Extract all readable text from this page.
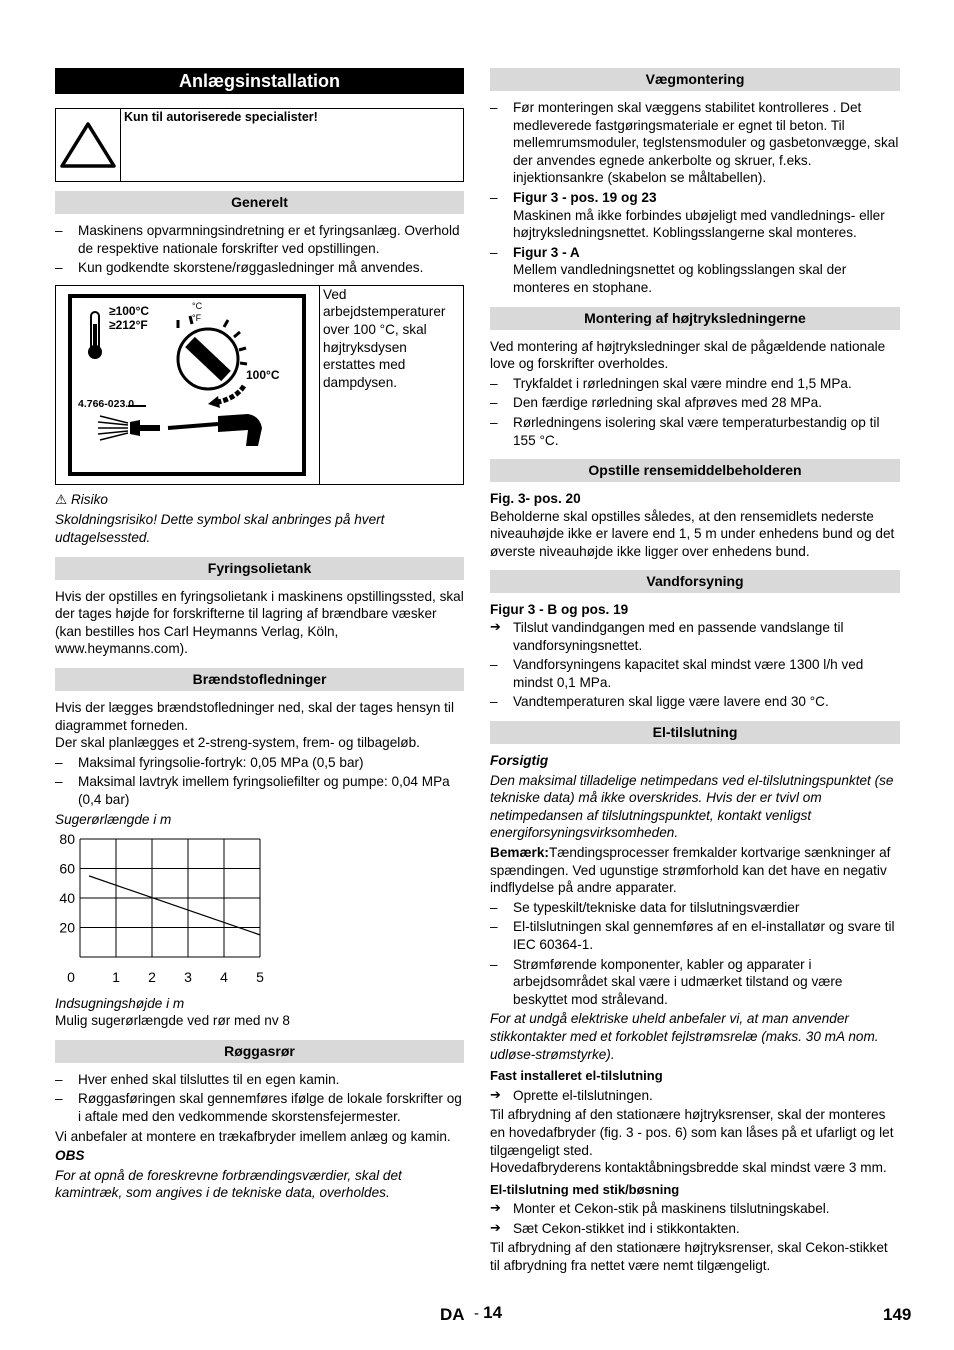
Anlægsinstallation
Kun til autoriserede specialister!
Generelt
– Maskinens opvarmningsindretning er et fyringsanlæg. Overhold de respektive nationale forskrifter ved opstillingen.
– Kun godkendte skorstene/røggasledninger må anvendes.
≥100°C
≥212°F
°C
°F
100°C
4.766-023.0
Ved arbejdstemperaturer over 100 °C, skal højtryksdysen erstattes med dampdysen.

⚠ Risiko

Skoldningsrisiko! Dette symbol skal anbringes på hvert udtagelsessted.

Fyringsolietank

Hvis der opstilles en fyringsolietank i maskinens opstillingssted, skal der tages højde for forskrifterne til lagring af brændbare væsker (kan bestilles hos Carl Heymanns Verlag, Köln, www.heymanns.com).

Brændstofledninger

Hvis der lægges brændstofledninger ned, skal der tages hensyn til diagrammet forneden.

Der skal planlægges et 2-streng-system, frem- og tilbageløb.

– Maksimal fyringsolie-fortryk: 0,05 MPa (0,5 bar)
– Maksimal lavtryk imellem fyringsoliefilter og pumpe: 0,04 MPa (0,4 bar)

Sugerørlængde i m

80
60
40
20
0	1 2 3 4 5

Indsugningshøjde i m

Mulig sugerørlængde ved rør med nv 8

Røggasrør
– Hver enhed skal tilsluttes til en egen kamin.
– Røggasføringen skal gennemføres ifølge de lokale forskrifter og i aftale med den vedkommende skorstensfejermester.

Vi anbefaler at montere en trækafbryder imellem anlæg og kamin.

OBS

For at opnå de foreskrevne forbrændingsværdier, skal det kamintræk, som angives i de tekniske data, overholdes.

Vægmontering
– Før monteringen skal væggens stabilitet kontrolleres . Det medleverede fastgøringsmateriale er egnet til beton. Til mellemrumsmoduler, teglstensmoduler og gasbetonvægge, skal der anvendes egnede ankerbolte og skruer, f.eks. injektionsankre (skabelon se måltabellen).
– Figur 3 - pos. 19 og 23
Maskinen må ikke forbindes ubøjeligt med vandlednings- eller højtryksledningsnettet. Koblingsslangerne skal monteres.
– Figur 3 - A
Mellem vandledningsnettet og koblingsslangen skal der monteres en stophane.
Montering af højtryksledningerne

Ved montering af højtryksledninger skal de pågældende nationale love og forskrifter overholdes.

– Trykfaldet i rørledningen skal være mindre end 1,5 MPa.
– Den færdige rørledning skal afprøves med 28 MPa.
– Rørledningens isolering skal være temperaturbestandig op til 155 °C.
Opstille rensemiddelbeholderen

Fig. 3- pos. 20

Beholderne skal opstilles således, at den rensemidlets nederste niveauhøjde ikke er lavere end 1, 5 m under enhedens bund og det øverste niveauhøjde ikke ligger over enhedens bund.

Vandforsyning

Figur 3 - B og pos. 19

➔ Tilslut vandindgangen med en passende vandslange til vandforsyningsnettet.
– Vandforsyningens kapacitet skal mindst være 1300 l/h ved mindst 0,1 MPa.
– Vandtemperaturen skal ligge være lavere end 30 °C.
El-tilslutning

Forsigtig

Den maksimal tilladelige netimpedans ved el-tilslutningspunktet (se tekniske data) må ikke overskrides. Hvis der er tvivl om netimpedansen af tilslutningspunktet, kontakt venligst energiforsyningsvirksomheden.

Bemærk:Tændingsprocesser fremkalder kortvarige sænkninger af spændingen. Ved ugunstige strømforhold kan det have en negativ indflydelse på andre apparater.

– Se typeskilt/tekniske data for tilslutningsværdier
– El-tilslutningen skal gennemføres af en el-installatør og svare til IEC 60364-1.
– Strømførende komponenter, kabler og apparater i arbejdsområdet skal være i udmærket tilstand og være beskyttet mod strålevand.

For at undgå elektriske uheld anbefaler vi, at man anvender stikkontakter med et forkoblet fejlstrømsrelæ (maks. 30 mA nom. udløse-strømstyrke).

Fast installeret el-tilslutning

➔ Oprette el-tilslutningen.

Til afbrydning af den stationære højtryksrenser, skal der monteres en hovedafbryder (fig. 3 - pos. 6) som kan låses på et ufarligt og let tilgængeligt sted.

Hovedafbryderens kontaktåbningsbredde skal mindst være 3 mm.

El-tilslutning med stik/bøsning

➔ Monter et Cekon-stik på maskinens tilslutningskabel.
➔ Sæt Cekon-stikket ind i stikkontakten.

Til afbrydning af den stationære højtryksrenser, skal Cekon-stikket til afbrydning fra nettet være nemt tilgængeligt.

DA - 14	149
